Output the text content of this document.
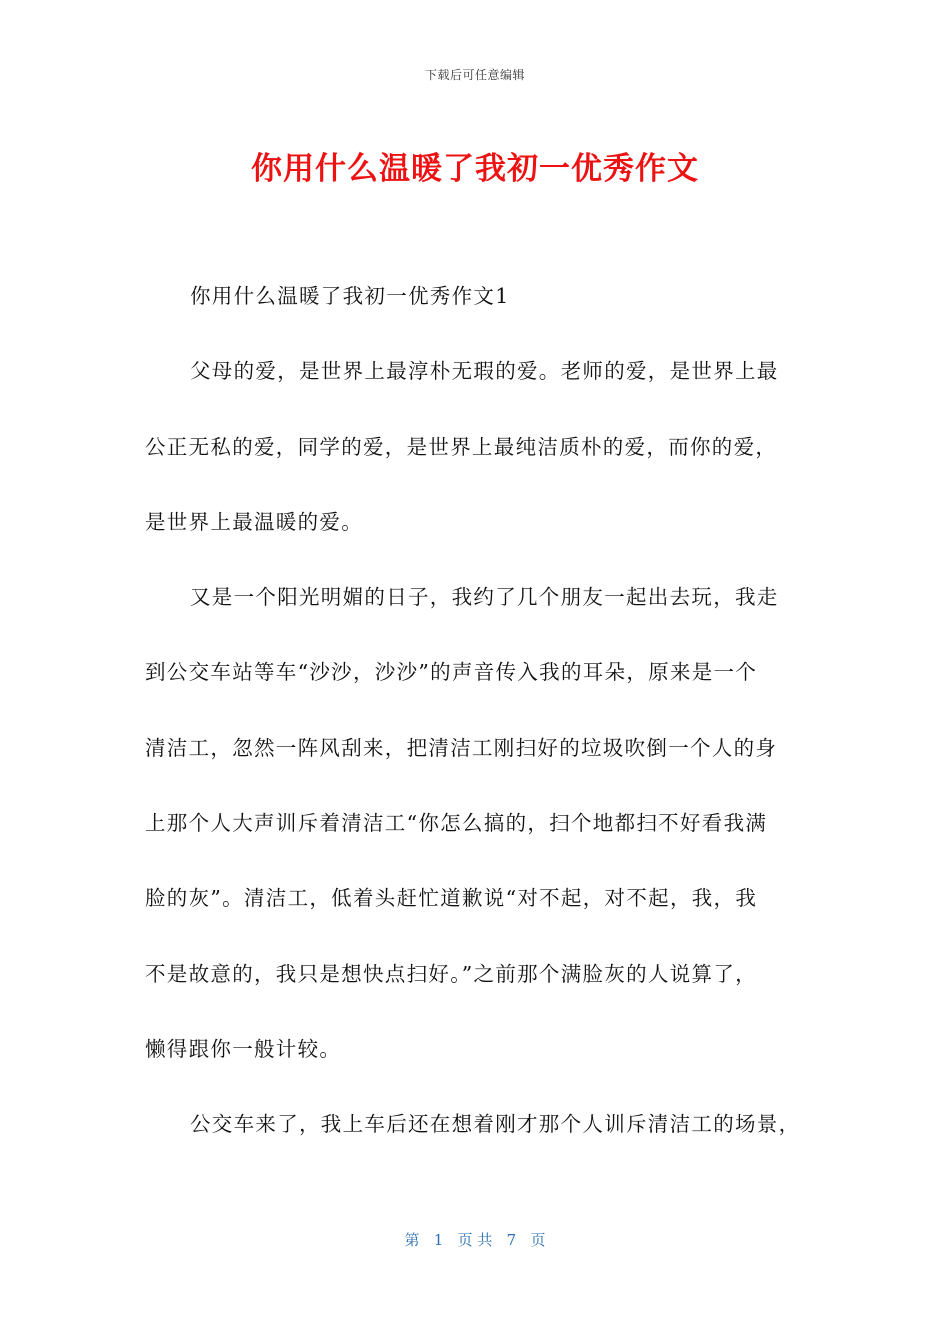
下载后可任意编辑
你用什么温暖了我初一优秀作文
你用什么温暖了我初一优秀作文1
父母的爱，是世界上最淳朴无瑕的爱。老师的爱，是世界上最
公正无私的爱，同学的爱，是世界上最纯洁质朴的爱，而你的爱，
是世界上最温暖的爱。
又是一个阳光明媚的日子，我约了几个朋友一起出去玩，我走
到公交车站等车“沙沙，沙沙”的声音传入我的耳朵，原来是一个
清洁工，忽然一阵风刮来，把清洁工刚扫好的垃圾吹倒一个人的身
上那个人大声训斥着清洁工“你怎么搞的，扫个地都扫不好看我满
脸的灰”。清洁工，低着头赶忙道歉说“对不起，对不起，我，我
不是故意的，我只是想快点扫好。”之前那个满脸灰的人说算了，
懒得跟你一般计较。
公交车来了，我上车后还在想着刚才那个人训斥清洁工的场景，
第   1   页 共   7   页
